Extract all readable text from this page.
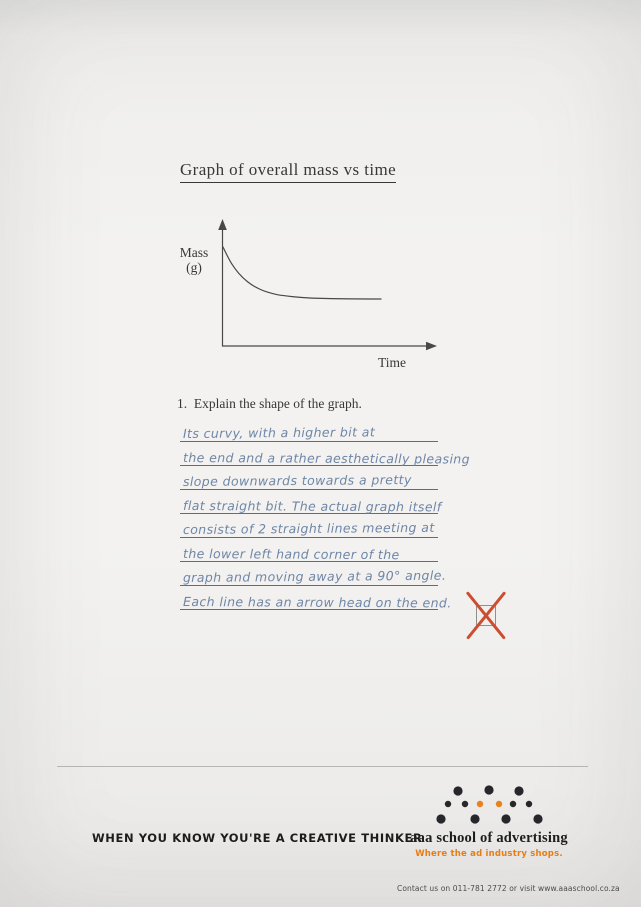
Graph of overall mass vs time
Mass
(g)
Time
1.  Explain the shape of the graph.
Its curvy, with a higher bit at
the end and a rather aesthetically pleasing
slope downwards towards a pretty
flat straight bit. The actual graph itself
consists of 2 straight lines meeting at
the lower left hand corner of the
graph and moving away at a 90° angle.
Each line has an arrow head on the end.
WHEN YOU KNOW YOU'RE A CREATIVE THINKER
aaa school of advertising
Where the ad industry shops.
Contact us on 011-781 2772 or visit www.aaaschool.co.za
